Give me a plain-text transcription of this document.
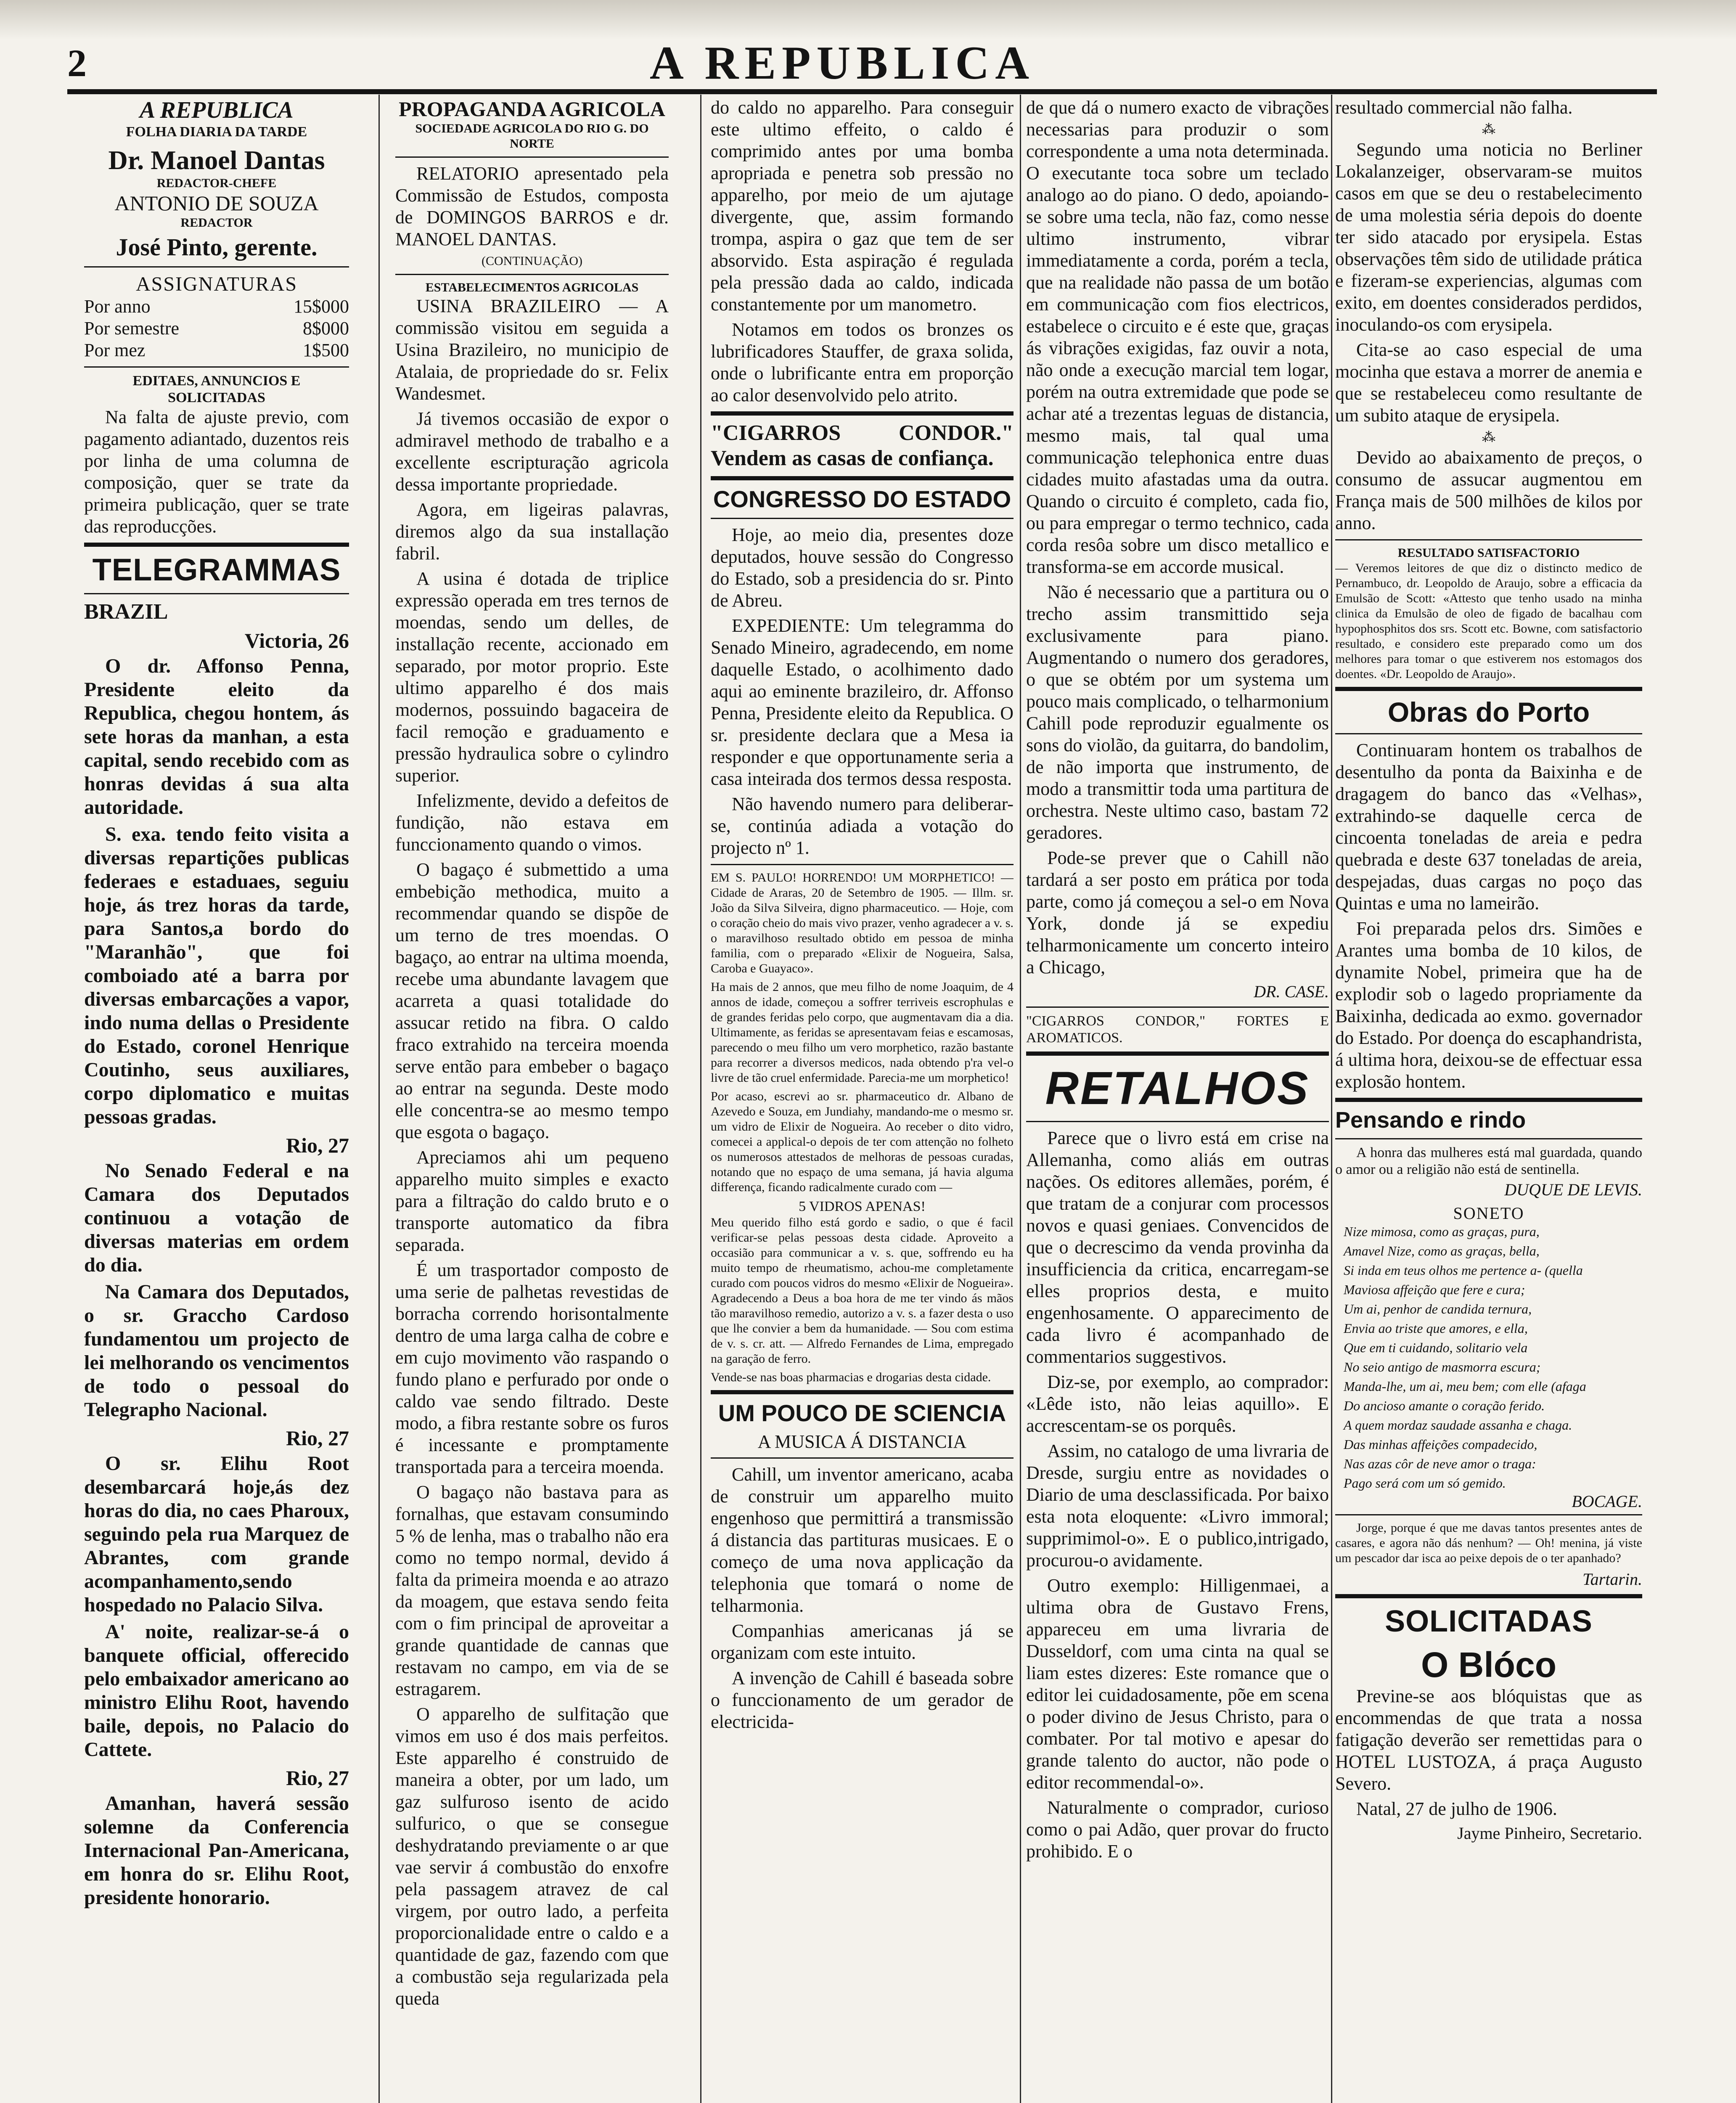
2	A REPUBLICA
A REPUBLICA
FOLHA DIARIA DA TARDE
Dr. Manoel Dantas
REDACTOR-CHEFE
ANTONIO DE SOUZA
REDACTOR
José Pinto, gerente.
ASSIGNATURAS
Por anno	15$000
Por semestre	8$000
Por mez	1$500
EDITAES, ANNUNCIOS E SOLICITADAS

Na falta de ajuste previo, com pagamento adiantado, duzentos reis por linha de uma columna de composição, quer se trate da primeira publicação, quer se trate das reproducções.

TELEGRAMMAS
BRAZIL
Victoria, 26

O dr. Affonso Penna, Presidente eleito da Republica, chegou hontem, ás sete horas da manhan, a esta capital, sendo recebido com as honras devidas á sua alta autoridade.

S. exa. tendo feito visita a diversas repartições publicas federaes e estaduaes, seguiu hoje, ás trez horas da tarde, para Santos,a bordo do "Maranhão", que foi comboiado até a barra por diversas embarcações a vapor, indo numa dellas o Presidente do Estado, coronel Henrique Coutinho, seus auxiliares, corpo diplomatico e muitas pessoas gradas.

Rio, 27

No Senado Federal e na Camara dos Deputados continuou a votação de diversas materias em ordem do dia.

Na Camara dos Deputados, o sr. Graccho Cardoso fundamentou um projecto de lei melhorando os vencimentos de todo o pessoal do Telegrapho Nacional.

Rio, 27

O sr. Elihu Root desembarcará hoje,ás dez horas do dia, no caes Pharoux, seguindo pela rua Marquez de Abrantes, com grande acompanhamento,sendo hospedado no Palacio Silva.

A' noite, realizar-se-á o banquete official, offerecido pelo embaixador americano ao ministro Elihu Root, havendo baile, depois, no Palacio do Cattete.

Rio, 27

Amanhan, haverá sessão solemne da Conferencia Internacional Pan-Americana, em honra do sr. Elihu Root, presidente honorario.

PROPAGANDA AGRICOLA
SOCIEDADE AGRICOLA DO RIO G. DO NORTE

RELATORIO apresentado pela Commissão de Estudos, composta de DOMINGOS BARROS e dr. MANOEL DANTAS.

(CONTINUAÇÃO)
ESTABELECIMENTOS AGRICOLAS

USINA BRAZILEIRO — A commissão visitou em seguida a Usina Brazileiro, no municipio de Atalaia, de propriedade do sr. Felix Wandesmet.

Já tivemos occasião de expor o admiravel methodo de trabalho e a excellente escripturação agricola dessa importante propriedade.

Agora, em ligeiras palavras, diremos algo da sua installação fabril.

A usina é dotada de triplice expressão operada em tres ternos de moendas, sendo um delles, de installação recente, accionado em separado, por motor proprio. Este ultimo apparelho é dos mais modernos, possuindo bagaceira de facil remoção e graduamento e pressão hydraulica sobre o cylindro superior.

Infelizmente, devido a defeitos de fundição, não estava em funccionamento quando o vimos.

O bagaço é submettido a uma embebição methodica, muito a recommendar quando se dispõe de um terno de tres moendas. O bagaço, ao entrar na ultima moenda, recebe uma abundante lavagem que acarreta a quasi totalidade do assucar retido na fibra. O caldo fraco extrahido na terceira moenda serve então para embeber o bagaço ao entrar na segunda. Deste modo elle concentra-se ao mesmo tempo que esgota o bagaço.

Apreciamos ahi um pequeno apparelho muito simples e exacto para a filtração do caldo bruto e o transporte automatico da fibra separada.

É um trasportador composto de uma serie de palhetas revestidas de borracha correndo horisontalmente dentro de uma larga calha de cobre e em cujo movimento vão raspando o fundo plano e perfurado por onde o caldo vae sendo filtrado. Deste modo, a fibra restante sobre os furos é incessante e promptamente transportada para a terceira moenda.

O bagaço não bastava para as fornalhas, que estavam consumindo 5 % de lenha, mas o trabalho não era como no tempo normal, devido á falta da primeira moenda e ao atrazo da moagem, que estava sendo feita com o fim principal de aproveitar a grande quantidade de cannas que restavam no campo, em via de se estragarem.

O apparelho de sulfitação que vimos em uso é dos mais perfeitos. Este apparelho é construido de maneira a obter, por um lado, um gaz sulfuroso isento de acido sulfurico, o que se consegue deshydratando previamente o ar que vae servir á combustão do enxofre pela passagem atravez de cal virgem, por outro lado, a perfeita proporcionalidade entre o caldo e a quantidade de gaz, fazendo com que a combustão seja regularizada pela queda

do caldo no apparelho. Para conseguir este ultimo effeito, o caldo é comprimido antes por uma bomba apropriada e penetra sob pressão no apparelho, por meio de um ajutage divergente, que, assim formando trompa, aspira o gaz que tem de ser absorvido. Esta aspiração é regulada pela pressão dada ao caldo, indicada constantemente por um manometro.

Notamos em todos os bronzes os lubrificadores Stauffer, de graxa solida, onde o lubrificante entra em proporção ao calor desenvolvido pelo atrito.

"CIGARROS CONDOR." Vendem as casas de confiança.

CONGRESSO DO ESTADO

Hoje, ao meio dia, presentes doze deputados, houve sessão do Congresso do Estado, sob a presidencia do sr. Pinto de Abreu.

EXPEDIENTE: Um telegramma do Senado Mineiro, agradecendo, em nome daquelle Estado, o acolhimento dado aqui ao eminente brazileiro, dr. Affonso Penna, Presidente eleito da Republica. O sr. presidente declara que a Mesa ia responder e que opportunamente seria a casa inteirada dos termos dessa resposta.

Não havendo numero para deliberar-se, continúa adiada a votação do projecto nº 1.

EM S. PAULO! HORRENDO! UM MORPHETICO! — Cidade de Araras, 20 de Setembro de 1905. — Illm. sr. João da Silva Silveira, digno pharmaceutico. — Hoje, com o coração cheio do mais vivo prazer, venho agradecer a v. s. o maravilhoso resultado obtido em pessoa de minha familia, com o preparado «Elixir de Nogueira, Salsa, Caroba e Guayaco».

Ha mais de 2 annos, que meu filho de nome Joaquim, de 4 annos de idade, começou a soffrer terriveis escrophulas e de grandes feridas pelo corpo, que augmentavam dia a dia. Ultimamente, as feridas se apresentavam feias e escamosas, parecendo o meu filho um vero morphetico, razão bastante para recorrer a diversos medicos, nada obtendo p'ra vel-o livre de tão cruel enfermidade. Parecia-me um morphetico!

Por acaso, escrevi ao sr. pharmaceutico dr. Albano de Azevedo e Souza, em Jundiahy, mandando-me o mesmo sr. um vidro de Elixir de Nogueira. Ao receber o dito vidro, comecei a applical-o depois de ter com attenção no folheto os numerosos attestados de melhoras de pessoas curadas, notando que no espaço de uma semana, já havia alguma differença, ficando radicalmente curado com —

5 VIDROS APENAS!

Meu querido filho está gordo e sadio, o que é facil verificar-se pelas pessoas desta cidade. Aproveito a occasião para communicar a v. s. que, soffrendo eu ha muito tempo de rheumatismo, achou-me completamente curado com poucos vidros do mesmo «Elixir de Nogueira». Agradecendo a Deus a boa hora de me ter vindo ás mãos tão maravilhoso remedio, autorizo a v. s. a fazer desta o uso que lhe convier a bem da humanidade. — Sou com estima de v. s. cr. att. — Alfredo Fernandes de Lima, empregado na garação de ferro.

Vende-se nas boas pharmacias e drogarias desta cidade.

UM POUCO DE SCIENCIA
A MUSICA Á DISTANCIA

Cahill, um inventor americano, acaba de construir um apparelho muito engenhoso que permittirá a transmissão á distancia das partituras musicaes. E o começo de uma nova applicação da telephonia que tomará o nome de telharmonia.

Companhias americanas já se organizam com este intuito.

A invenção de Cahill é baseada sobre o funccionamento de um gerador de electricida-

de que dá o numero exacto de vibrações necessarias para produzir o som correspondente a uma nota determinada. O executante toca sobre um teclado analogo ao do piano. O dedo, apoiando-se sobre uma tecla, não faz, como nesse ultimo instrumento, vibrar immediatamente a corda, porém a tecla, que na realidade não passa de um botão em communicação com fios electricos, estabelece o circuito e é este que, graças ás vibrações exigidas, faz ouvir a nota, não onde a execução marcial tem logar, porém na outra extremidade que pode se achar até a trezentas leguas de distancia, mesmo mais, tal qual uma communicação telephonica entre duas cidades muito afastadas uma da outra. Quando o circuito é completo, cada fio, ou para empregar o termo technico, cada corda resôa sobre um disco metallico e transforma-se em accorde musical.

Não é necessario que a partitura ou o trecho assim transmittido seja exclusivamente para piano. Augmentando o numero dos geradores, o que se obtém por um systema um pouco mais complicado, o telharmonium Cahill pode reproduzir egualmente os sons do violão, da guitarra, do bandolim, de não importa que instrumento, de modo a transmittir toda uma partitura de orchestra. Neste ultimo caso, bastam 72 geradores.

Pode-se prever que o Cahill não tardará a ser posto em prática por toda parte, como já começou a sel-o em Nova York, donde já se expediu telharmonicamente um concerto inteiro a Chicago,

DR. CASE.

"CIGARROS CONDOR," FORTES E AROMATICOS.

RETALHOS

Parece que o livro está em crise na Allemanha, como aliás em outras nações. Os editores allemães, porém, é que tratam de a conjurar com processos novos e quasi geniaes. Convencidos de que o decrescimo da venda provinha da insufficiencia da critica, encarregam-se elles proprios desta, e muito engenhosamente. O apparecimento de cada livro é acompanhado de commentarios suggestivos.

Diz-se, por exemplo, ao comprador: «Lêde isto, não leias aquillo». E accrescentam-se os porquês.

Assim, no catalogo de uma livraria de Dresde, surgiu entre as novidades o Diario de uma desclassificada. Por baixo esta nota eloquente: «Livro immoral; supprimimol-o». E o publico,intrigado, procurou-o avidamente.

Outro exemplo: Hilligenmaei, a ultima obra de Gustavo Frens, appareceu em uma livraria de Dusseldorf, com uma cinta na qual se liam estes dizeres: Este romance que o editor lei cuidadosamente, põe em scena o poder divino de Jesus Christo, para o combater. Por tal motivo e apesar do grande talento do auctor, não pode o editor recommendal-o».

Naturalmente o comprador, curioso como o pai Adão, quer provar do fructo prohibido. E o

resultado commercial não falha.

⁂

Segundo uma noticia no Berliner Lokalanzeiger, observaram-se muitos casos em que se deu o restabelecimento de uma molestia séria depois do doente ter sido atacado por erysipela. Estas observações têm sido de utilidade prática e fizeram-se experiencias, algumas com exito, em doentes considerados perdidos, inoculando-os com erysipela.

Cita-se ao caso especial de uma mocinha que estava a morrer de anemia e que se restabeleceu como resultante de um subito ataque de erysipela.

⁂

Devido ao abaixamento de preços, o consumo de assucar augmentou em França mais de 500 milhões de kilos por anno.

RESULTADO SATISFACTORIO

— Veremos leitores de que diz o distincto medico de Pernambuco, dr. Leopoldo de Araujo, sobre a efficacia da Emulsão de Scott: «Attesto que tenho usado na minha clinica da Emulsão de oleo de figado de bacalhau com hypophosphitos dos srs. Scott etc. Bowne, com satisfactorio resultado, e considero este preparado como um dos melhores para tomar o que estiverem nos estomagos dos doentes. «Dr. Leopoldo de Araujo».

Obras do Porto

Continuaram hontem os trabalhos de desentulho da ponta da Baixinha e de dragagem do banco das «Velhas», extrahindo-se daquelle cerca de cincoenta toneladas de areia e pedra quebrada e deste 637 toneladas de areia, despejadas, duas cargas no poço das Quintas e uma no lameirão.

Foi preparada pelos drs. Simões e Arantes uma bomba de 10 kilos, de dynamite Nobel, primeira que ha de explodir sob o lagedo propriamente da Baixinha, dedicada ao exmo. governador do Estado. Por doença do escaphandrista, á ultima hora, deixou-se de effectuar essa explosão hontem.

Pensando e rindo

A honra das mulheres está mal guardada, quando o amor ou a religião não está de sentinella.

DUQUE DE LEVIS.
SONETO
Nize mimosa, como as graças, pura,
Amavel Nize, como as graças, bella,
Si inda em teus olhos me pertence a- (quella
Maviosa affeição que fere e cura;
Um ai, penhor de candida ternura,
Envia ao triste que amores, e ella,
Que em ti cuidando, solitario vela
No seio antigo de masmorra escura;
Manda-lhe, um ai, meu bem; com elle (afaga
Do ancioso amante o coração ferido.
A quem mordaz saudade assanha e chaga.
Das minhas affeições compadecido,
Nas azas côr de neve amor o traga:
Pago será com um só gemido.
BOCAGE.

Jorge, porque é que me davas tantos presentes antes de casares, e agora não dás nenhum? — Oh! menina, já viste um pescador dar isca ao peixe depois de o ter apanhado?

Tartarin.
SOLICITADAS
O Blóco

Previne-se aos blóquistas que as encommendas de que trata a nossa fatigação deverão ser remettidas para o HOTEL LUSTOZA, á praça Augusto Severo.

Natal, 27 de julho de 1906.

Jayme Pinheiro, Secretario.
